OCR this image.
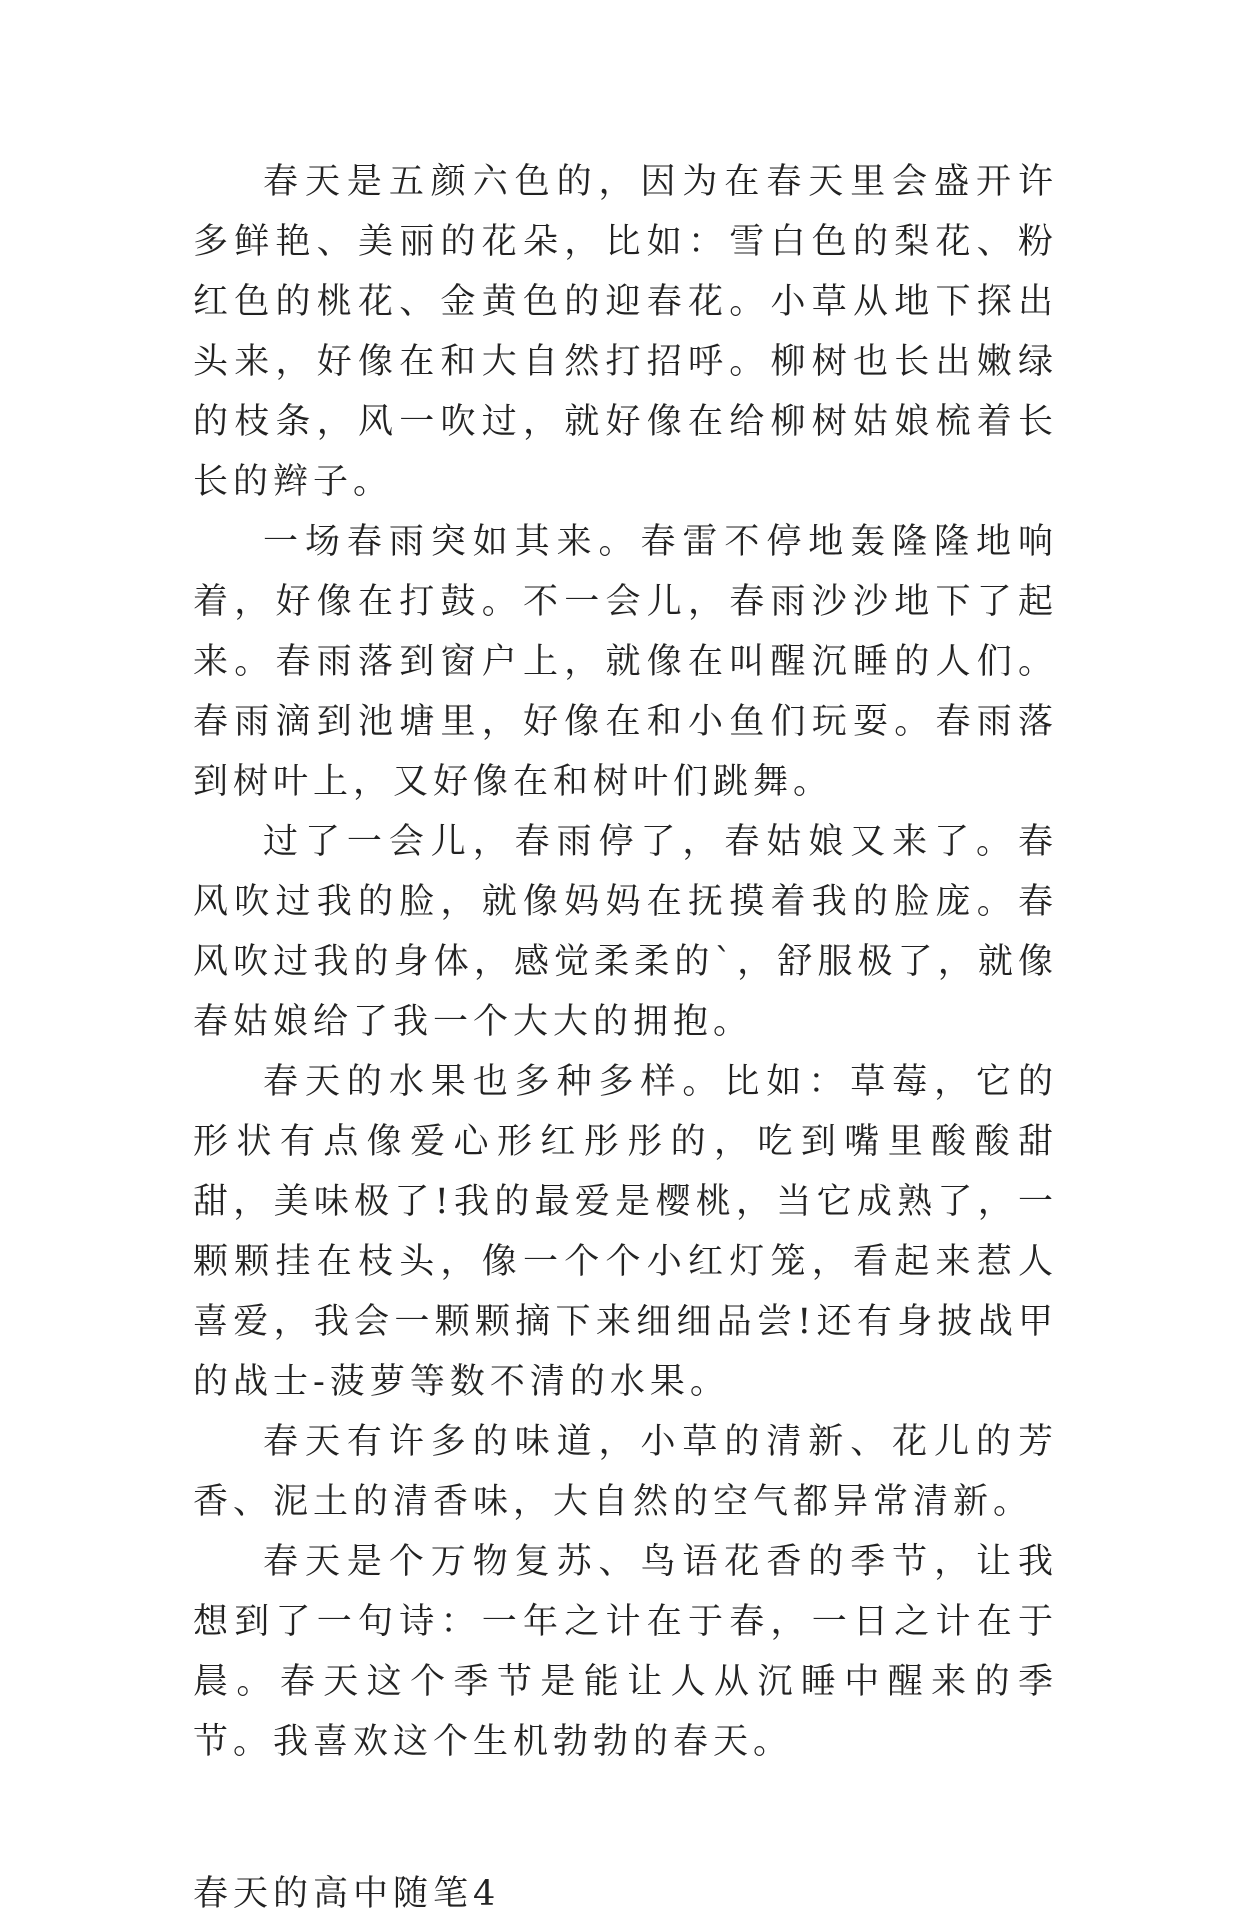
春天是五颜六色的，因为在春天里会盛开许多鲜艳、美丽的花朵，比如：雪白色的梨花、粉红色的桃花、金黄色的迎春花。小草从地下探出头来，好像在和大自然打招呼。柳树也长出嫩绿的枝条，风一吹过，就好像在给柳树姑娘梳着长长的辫子。

一场春雨突如其来。春雷不停地轰隆隆地响着，好像在打鼓。不一会儿，春雨沙沙地下了起来。春雨落到窗户上，就像在叫醒沉睡的人们。春雨滴到池塘里，好像在和小鱼们玩耍。春雨落到树叶上，又好像在和树叶们跳舞。

过了一会儿，春雨停了，春姑娘又来了。春风吹过我的脸，就像妈妈在抚摸着我的脸庞。春风吹过我的身体，感觉柔柔的`，舒服极了，就像春姑娘给了我一个大大的拥抱。

春天的水果也多种多样。比如：草莓，它的形状有点像爱心形红彤彤的，吃到嘴里酸酸甜甜，美味极了!我的最爱是樱桃，当它成熟了，一颗颗挂在枝头，像一个个小红灯笼，看起来惹人喜爱，我会一颗颗摘下来细细品尝!还有身披战甲的战士-菠萝等数不清的水果。

春天有许多的味道，小草的清新、花儿的芳香、泥土的清香味，大自然的空气都异常清新。

春天是个万物复苏、鸟语花香的季节，让我想到了一句诗：一年之计在于春，一日之计在于晨。春天这个季节是能让人从沉睡中醒来的季节。我喜欢这个生机勃勃的春天。

春天的高中随笔4
